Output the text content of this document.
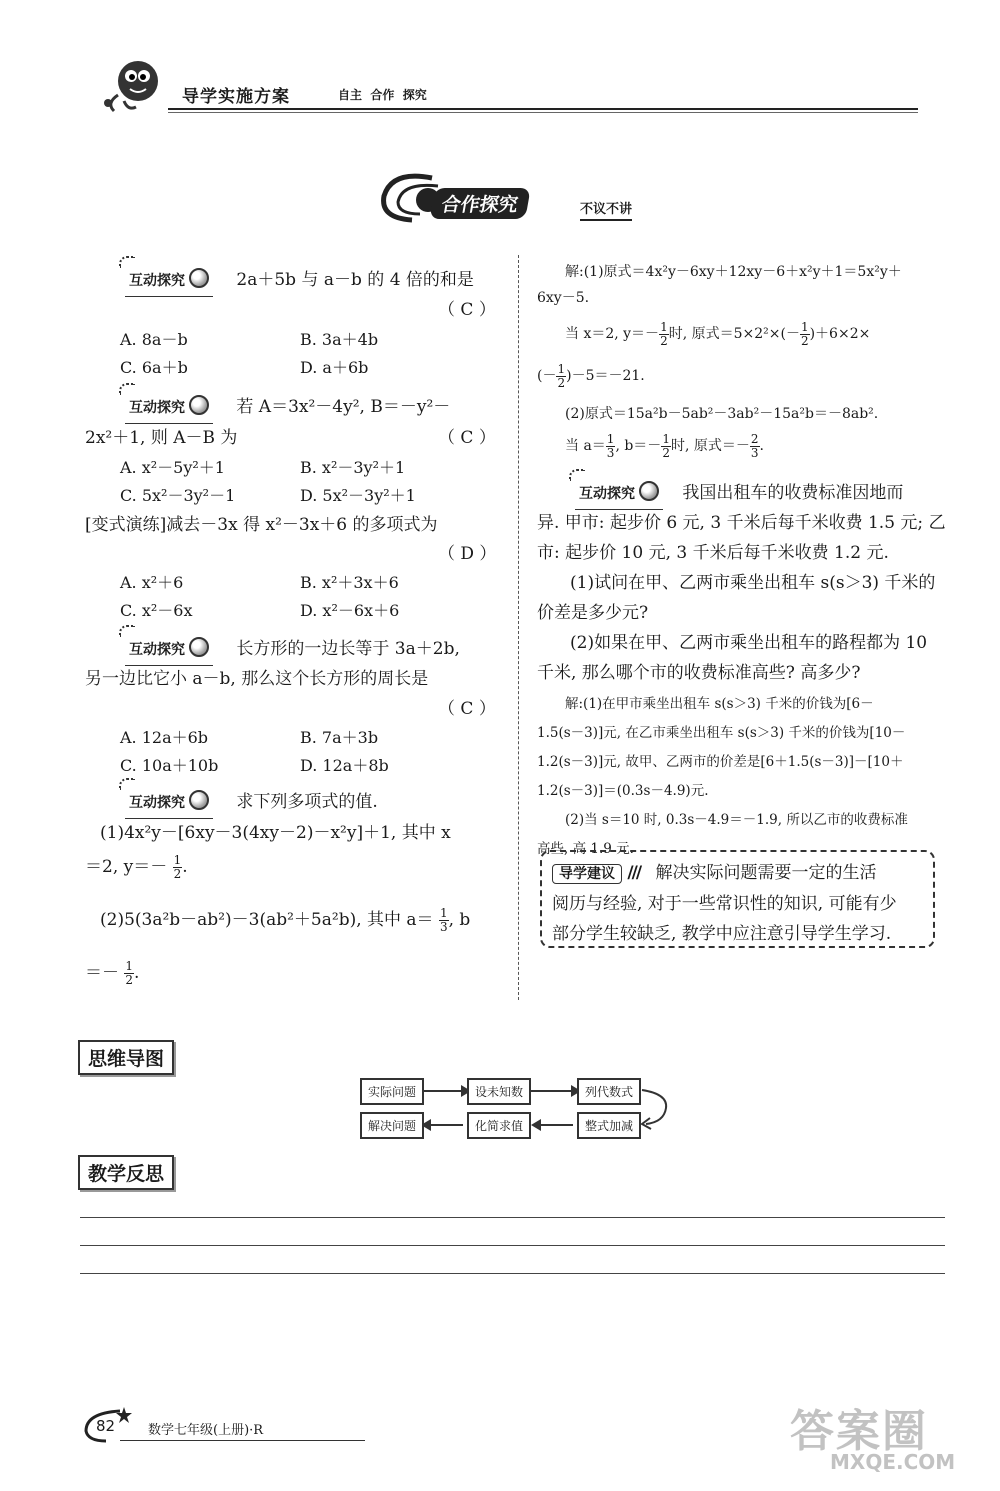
导学实施方案	自主  合作  探究
合作探究	不议不讲
互动探究	2a＋5b 与 a－b 的 4 倍的和是
（ C ）
A. 8a－b	B. 3a＋4b
C. 6a＋b	D. a＋6b
互动探究	若 A＝3x²－4y², B＝－y²－
2x²＋1, 则 A－B 为	（ C ）
A. x²－5y²＋1	B. x²－3y²＋1
C. 5x²－3y²－1	D. 5x²－3y²＋1
[变式演练]减去－3x 得 x²－3x＋6 的多项式为
（ D ）
A. x²＋6	B. x²＋3x＋6
C. x²－6x	D. x²－6x＋6
互动探究	长方形的一边长等于 3a＋2b,
另一边比它小 a－b, 那么这个长方形的周长是
（ C ）
A. 12a＋6b	B. 7a＋3b
C. 10a＋10b	D. 12a＋8b
互动探究	求下列多项式的值.
(1)4x²y－[6xy－3(4xy－2)－x²y]＋1, 其中 x
＝2, $y=- \frac{1}{2}$ .
(2)5(3a²b－ab²)－3(ab²＋5a²b), 其中 $a= \frac{1}{3}$ , b
＝－ $\frac{1}{2}$ .
解:(1)原式＝4x²y－6xy＋12xy－6＋x²y＋1＝5x²y＋
6xy－5.
当 x＝2, $y=- \frac{1}{2}$ 时, 原式$=5\times 2^2\times(- \frac{1}{2} )+6\times 2\times$
(－ $\frac{1}{2} )-5=-21$.
(2)原式＝15a²b－5ab²－3ab²－15a²b＝－8ab².
当 $a= \frac{1}{3}$ , $b=- \frac{1}{2}$ 时, 原式＝－ $\frac{2}{3}$ .
互动探究	我国出租车的收费标准因地而
异. 甲市: 起步价 6 元, 3 千米后每千米收费 1.5 元; 乙
市: 起步价 10 元, 3 千米后每千米收费 1.2 元.
(1)试问在甲、乙两市乘坐出租车 s(s＞3) 千米的
价差是多少元?
(2)如果在甲、乙两市乘坐出租车的路程都为 10
千米, 那么哪个市的收费标准高些? 高多少?
解:(1)在甲市乘坐出租车 s(s＞3) 千米的价钱为[6－
1.5(s－3)]元, 在乙市乘坐出租车 s(s＞3) 千米的价钱为[10－
1.2(s－3)]元, 故甲、乙两市的价差是[6＋1.5(s－3)]－[10＋
1.2(s－3)]＝(0.3s－4.9)元.
(2)当 s＝10 时, 0.3s－4.9＝－1.9, 所以乙市的收费标准
高些, 高 1.9 元.
导学建议 /// 解决实际问题需要一定的生活
阅历与经验, 对于一些常识性的知识, 可能有少
部分学生较缺乏, 教学中应注意引导学生学习.
思维导图
实际问题	设未知数	列代数式
整式加减
化简求值
解决问题
教学反思
82	数学七年级(上册)·R	答案圈
MXQE.COM
